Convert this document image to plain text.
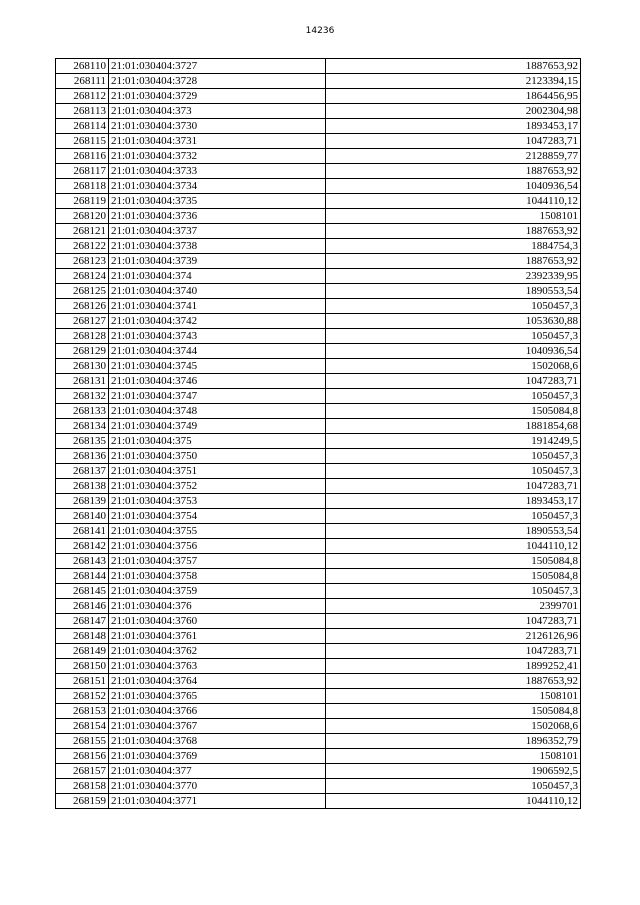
14236
268110	21:01:030404:3727	1887653,92
268111	21:01:030404:3728	2123394,15
268112	21:01:030404:3729	1864456,95
268113	21:01:030404:373	2002304,98
268114	21:01:030404:3730	1893453,17
268115	21:01:030404:3731	1047283,71
268116	21:01:030404:3732	2128859,77
268117	21:01:030404:3733	1887653,92
268118	21:01:030404:3734	1040936,54
268119	21:01:030404:3735	1044110,12
268120	21:01:030404:3736	1508101
268121	21:01:030404:3737	1887653,92
268122	21:01:030404:3738	1884754,3
268123	21:01:030404:3739	1887653,92
268124	21:01:030404:374	2392339,95
268125	21:01:030404:3740	1890553,54
268126	21:01:030404:3741	1050457,3
268127	21:01:030404:3742	1053630,88
268128	21:01:030404:3743	1050457,3
268129	21:01:030404:3744	1040936,54
268130	21:01:030404:3745	1502068,6
268131	21:01:030404:3746	1047283,71
268132	21:01:030404:3747	1050457,3
268133	21:01:030404:3748	1505084,8
268134	21:01:030404:3749	1881854,68
268135	21:01:030404:375	1914249,5
268136	21:01:030404:3750	1050457,3
268137	21:01:030404:3751	1050457,3
268138	21:01:030404:3752	1047283,71
268139	21:01:030404:3753	1893453,17
268140	21:01:030404:3754	1050457,3
268141	21:01:030404:3755	1890553,54
268142	21:01:030404:3756	1044110,12
268143	21:01:030404:3757	1505084,8
268144	21:01:030404:3758	1505084,8
268145	21:01:030404:3759	1050457,3
268146	21:01:030404:376	2399701
268147	21:01:030404:3760	1047283,71
268148	21:01:030404:3761	2126126,96
268149	21:01:030404:3762	1047283,71
268150	21:01:030404:3763	1899252,41
268151	21:01:030404:3764	1887653,92
268152	21:01:030404:3765	1508101
268153	21:01:030404:3766	1505084,8
268154	21:01:030404:3767	1502068,6
268155	21:01:030404:3768	1896352,79
268156	21:01:030404:3769	1508101
268157	21:01:030404:377	1906592,5
268158	21:01:030404:3770	1050457,3
268159	21:01:030404:3771	1044110,12
